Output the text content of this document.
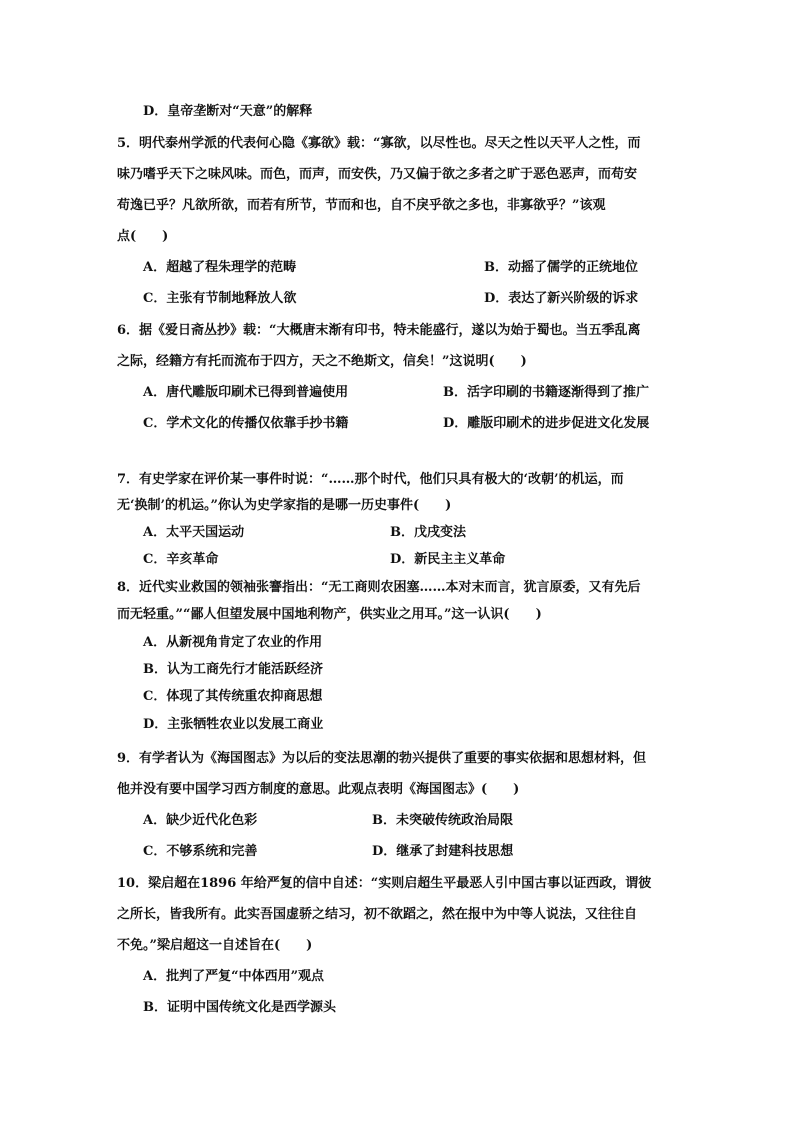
D．皇帝垄断对“天意”的解释
5．明代泰州学派的代表何心隐《寡欲》载：“寡欲，以尽性也。尽天之性以天平人之性，而
味乃嗜乎天下之味风味。而色，而声，而安佚，乃又偏于欲之多者之旷于恶色恶声，而苟安
苟逸已乎？凡欲所欲，而若有所节，节而和也，自不戾乎欲之多也，非寡欲乎？”该观
点(　　)
A．超越了程朱理学的范畴	B．动摇了儒学的正统地位
C．主张有节制地释放人欲	D．表达了新兴阶级的诉求
6．据《爱日斋丛抄》载：“大概唐末渐有印书，特未能盛行，遂以为始于蜀也。当五季乱离
之际，经籍方有托而流布于四方，天之不绝斯文，信矣！”这说明(　　)
A．唐代雕版印刷术已得到普遍使用	B．活字印刷的书籍逐渐得到了推广
C．学术文化的传播仅依靠手抄书籍	D．雕版印刷术的进步促进文化发展
7．有史学家在评价某一事件时说：“……那个时代，他们只具有极大的‘改朝’的机运，而
无‘换制’的机运。”你认为史学家指的是哪一历史事件(　　)
A．太平天国运动	B．戊戌变法
C．辛亥革命	D．新民主主义革命
8．近代实业救国的领袖张謇指出：“无工商则农困塞……本对末而言，犹言原委，又有先后
而无轻重。”“鄙人但望发展中国地利物产，供实业之用耳。”这一认识(　　)
A．从新视角肯定了农业的作用
B．认为工商先行才能活跃经济
C．体现了其传统重农抑商思想
D．主张牺牲农业以发展工商业
9．有学者认为《海国图志》为以后的变法思潮的勃兴提供了重要的事实依据和思想材料，但
他并没有要中国学习西方制度的意思。此观点表明《海国图志》(　　)
A．缺少近代化色彩	B．未突破传统政治局限
C．不够系统和完善	D．继承了封建科技思想
10．梁启超在1896 年给严复的信中自述：“实则启超生平最恶人引中国古事以证西政，谓彼
之所长，皆我所有。此实吾国虚骄之结习，初不欲蹈之，然在报中为中等人说法，又往往自
不免。”梁启超这一自述旨在(　　)
A．批判了严复“中体西用”观点
B．证明中国传统文化是西学源头
